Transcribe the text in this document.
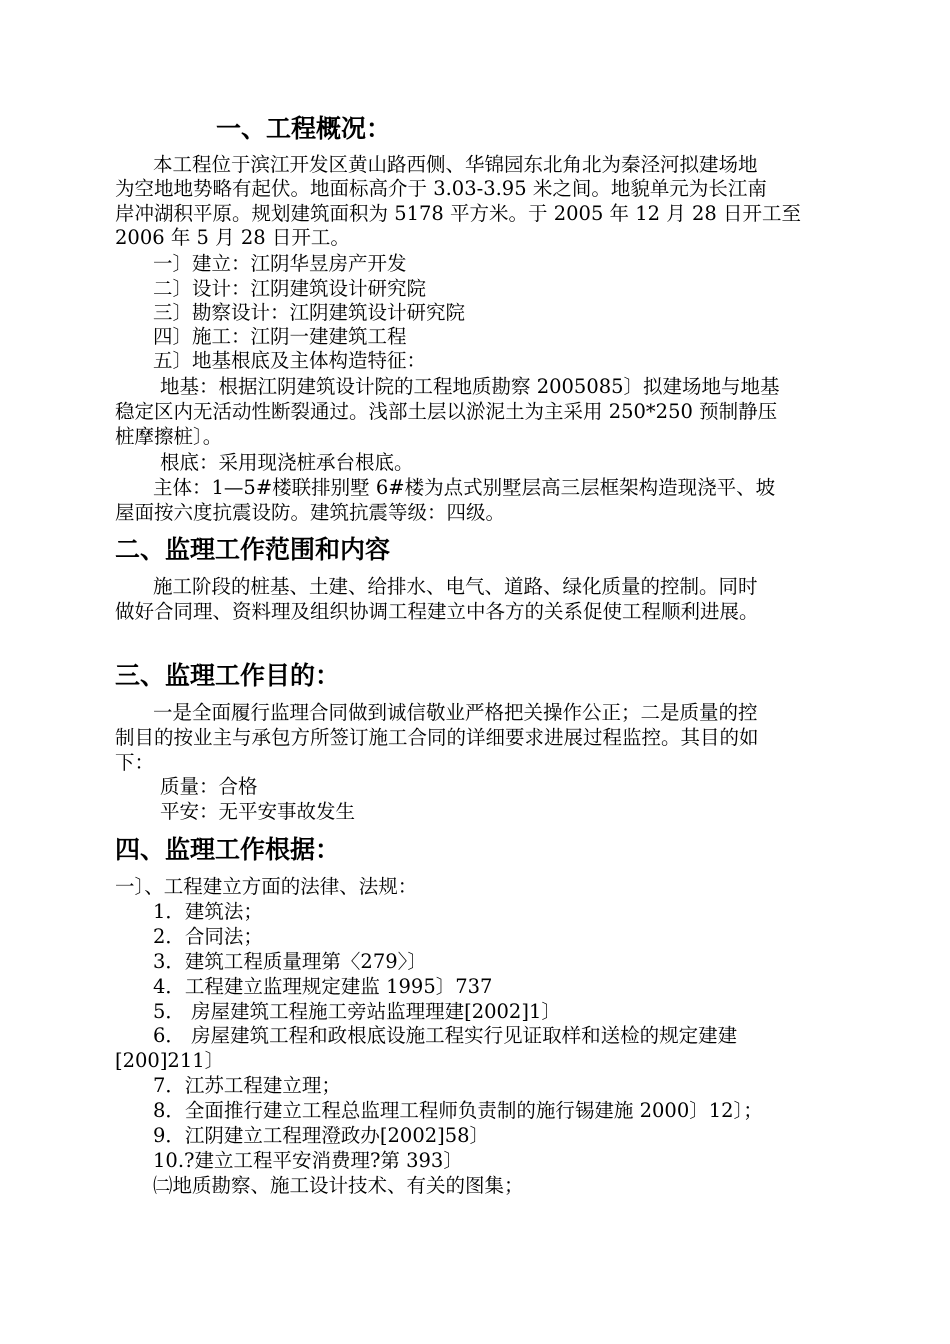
一、工程概况：
本工程位于滨江开发区黄山路西侧、华锦园东北角北为秦泾河拟建场地
为空地地势略有起伏。地面标高介于 3.03-3.95 米之间。地貌单元为长江南
岸冲湖积平原。规划建筑面积为 5178 平方米。于 2005 年 12 月 28 日开工至
2006 年 5 月 28 日开工。
一〕建立：江阴华昱房产开发
二〕设计：江阴建筑设计研究院
三〕勘察设计：江阴建筑设计研究院
四〕施工：江阴一建建筑工程
五〕地基根底及主体构造特征：
地基：根据江阴建筑设计院的工程地质勘察 2005085〕拟建场地与地基
稳定区内无活动性断裂通过。浅部土层以淤泥土为主采用 250*250 预制静压
桩摩擦桩〕。
根底：采用现浇桩承台根底。
主体：1—5#楼联排别墅 6#楼为点式别墅层高三层框架构造现浇平、坡
屋面按六度抗震设防。建筑抗震等级：四级。
二、监理工作范围和内容
施工阶段的桩基、土建、给排水、电气、道路、绿化质量的控制。同时
做好合同理、资料理及组织协调工程建立中各方的关系促使工程顺利进展。
三、监理工作目的：
一是全面履行监理合同做到诚信敬业严格把关操作公正；二是质量的控
制目的按业主与承包方所签订施工合同的详细要求进展过程监控。其目的如
下：
质量：合格
平安：无平安事故发生
四、监理工作根据：
一〕、工程建立方面的法律、法规：
1．建筑法；
2．合同法；
3．建筑工程质量理第〈279〉〕
4．工程建立监理规定建监 1995〕737
5． 房屋建筑工程施工旁站监理理建[2002]1〕
6． 房屋建筑工程和政根底设施工程实行见证取样和送检的规定建建
[200]211〕
7．江苏工程建立理；
8．全面推行建立工程总监理工程师负责制的施行锡建施 2000〕12〕；
9．江阴建立工程理澄政办[2002]58〕
10.?建立工程平安消费理?第 393〕
㈡地质勘察、施工设计技术、有关的图集；
